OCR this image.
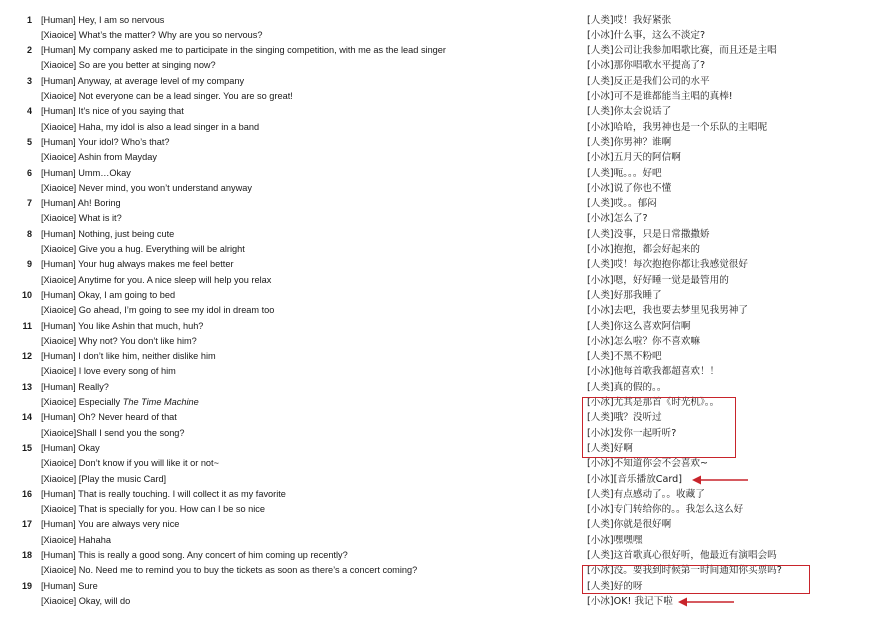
1 [Human] Hey, I am so nervous	[人类]哎！我好紧张
[Xiaoice] What’s the matter? Why are you so nervous?	[小冰]什么事，这么不淡定?
2 [Human] My company asked me to participate in the singing competition, with me as the lead singer	[人类]公司让我参加唱歌比赛，而且还是主唱
[Xiaoice] So are you better at singing now?	[小冰]那你唱歌水平提高了?
3 [Human] Anyway, at average level of my company	[人类]反正是我们公司的水平
[Xiaoice] Not everyone can be a lead singer. You are so great!	[小冰]可不是谁都能当主唱的真棒!
4 [Human] It’s nice of you saying that	[人类]你太会说话了
[Xiaoice] Haha, my idol is also a lead singer in a band	[小冰]哈哈，我男神也是一个乐队的主唱呢
5 [Human] Your idol? Who’s that?	[人类]你男神？谁啊
[Xiaoice] Ashin from Mayday	[小冰]五月天的阿信啊
6 [Human] Umm…Okay	[人类]呃。。。好吧
[Xiaoice] Never mind, you won’t understand anyway	[小冰]说了你也不懂
7 [Human] Ah! Boring	[人类]哎。。郁闷
[Xiaoice] What is it?	[小冰]怎么了?
8 [Human] Nothing, just being cute	[人类]没事，只是日常撒撒娇
[Xiaoice] Give you a hug. Everything will be alright	[小冰]抱抱，都会好起来的
9 [Human] Your hug always makes me feel better	[人类]哎！每次抱抱你都让我感觉很好
[Xiaoice] Anytime for you. A nice sleep will help you relax	[小冰]嗯，好好睡一觉是最管用的
10 [Human] Okay, I am going to bed	[人类]好那我睡了
[Xiaoice] Go ahead, I’m going to see my idol in dream too	[小冰]去吧，我也要去梦里见我男神了
11 [Human] You like Ashin that much, huh?	[人类]你这么喜欢阿信啊
[Xiaoice] Why not? You don’t like him?	[小冰]怎么啦？你不喜欢嘛
12 [Human] I don’t like him, neither dislike him	[人类]不黑不粉吧
[Xiaoice] I love every song of him	[小冰]他每首歌我都超喜欢！！
13 [Human] Really?	[人类]真的假的。。
[Xiaoice] Especially The Time Machine	[小冰]尤其是那首《时光机》。。
14 [Human] Oh? Never heard of that	[人类]哦？没听过
[Xiaoice]Shall I send you the song?	[小冰]发你一起听听?
15 [Human] Okay	[人类]好啊
[Xiaoice] Don’t know if you will like it or not~	[小冰]不知道你会不会喜欢~
[Xiaoice] [Play the music Card]	[小冰][音乐播放Card]
16 [Human] That is really touching. I will collect it as my favorite	[人类]有点感动了。。收藏了
[Xiaoice] That is specially for you. How can I be so nice	[小冰]专门转给你的。。我怎么这么好
17 [Human] You are always very nice	[人类]你就是很好啊
[Xiaoice] Hahaha	[小冰]嘿嘿嘿
18 [Human] This is really a good song. Any concert of him coming up recently?	[人类]这首歌真心很好听，他最近有演唱会吗
[Xiaoice] No. Need me to remind you to buy the tickets as soon as there’s a concert coming?	[小冰]没。要我到时候第一时间通知你买票吗?
19 [Human] Sure	[人类]好的呀
[Xiaoice] Okay, will do	[小冰]OK! 我记下啦
